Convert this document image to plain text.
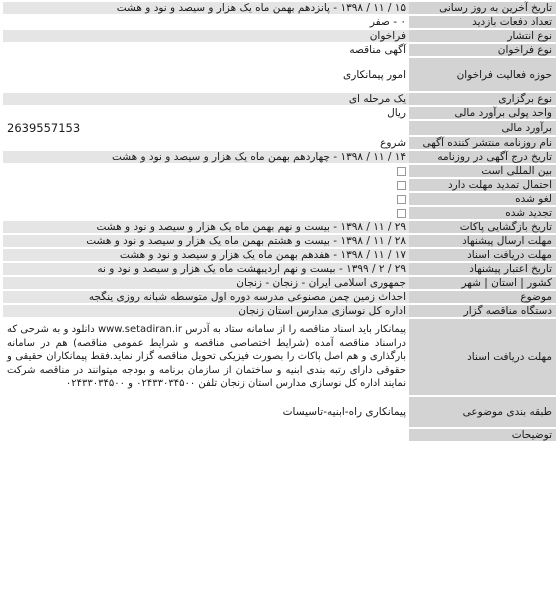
تاریخ آخرین به روز رسانی	۱۵ / ۱۱ / ۱۳۹۸ - پانزدهم بهمن ماه یک هزار و سیصد و نود و هشت
تعداد دفعات بازدید	۰ - صفر
نوع انتشار	فراخوان
نوع فراخوان	آگهی مناقصه
حوزه فعالیت فراخوان	امور پیمانکاری
نوع برگزاری	یک مرحله ای
واحد پولی برآورد مالی	ریال
برآورد مالی	2639557153
نام روزنامه منتشر کننده آگهی	شروع
تاریخ درج آگهی در روزنامه	۱۴ / ۱۱ / ۱۳۹۸ - چهاردهم بهمن ماه یک هزار و سیصد و نود و هشت
بین المللی است	
احتمال تمدید مهلت دارد	
لغو شده	
تجدید شده	
تاریخ بازگشایی پاکات	۲۹ / ۱۱ / ۱۳۹۸ - بیست و نهم بهمن ماه یک هزار و سیصد و نود و هشت
مهلت ارسال پیشنهاد	۲۸ / ۱۱ / ۱۳۹۸ - بیست و هشتم بهمن ماه یک هزار و سیصد و نود و هشت
مهلت دریافت اسناد	۱۷ / ۱۱ / ۱۳۹۸ - هفدهم بهمن ماه یک هزار و سیصد و نود و هشت
تاریخ اعتبار پیشنهاد	۲۹ / ۲ / ۱۳۹۹ - بیست و نهم اردیبهشت ماه یک هزار و سیصد و نود و نه
کشور | استان | شهر	جمهوری اسلامی ایران - زنجان - زنجان
موضوع	احداث زمین چمن مصنوعی مدرسه دوره اول متوسطه شبانه روزی ینگجه
دستگاه مناقصه گزار	اداره کل نوسازی مدارس استان زنجان
مهلت دریافت اسناد	پیمانکار باید اسناد مناقصه را از سامانه ستاد به آدرس www.setadiran.ir دانلود و به شرحی که دراسناد مناقصه آمده (شرایط اختصاصی مناقصه و شرایط عمومی مناقصه) هم در سامانه بارگذاری و هم اصل پاکات را بصورت فیزیکی تحویل مناقصه گزار نماید.فقط پیمانکاران حقیقی و حقوقی دارای رتبه بندی ابنیه و ساختمان از سازمان برنامه و بودجه میتوانند در مناقصه شرکت نمایند اداره کل نوسازی مدارس استان زنجان تلفن ۰۲۴۳۳۰۳۴۵۰۰ و ۰۲۴۳۳۰۳۴۵۰۰

طبقه بندی موضوعی	پیمانکاری راه-ابنیه-تاسیسات
توضیحات	
